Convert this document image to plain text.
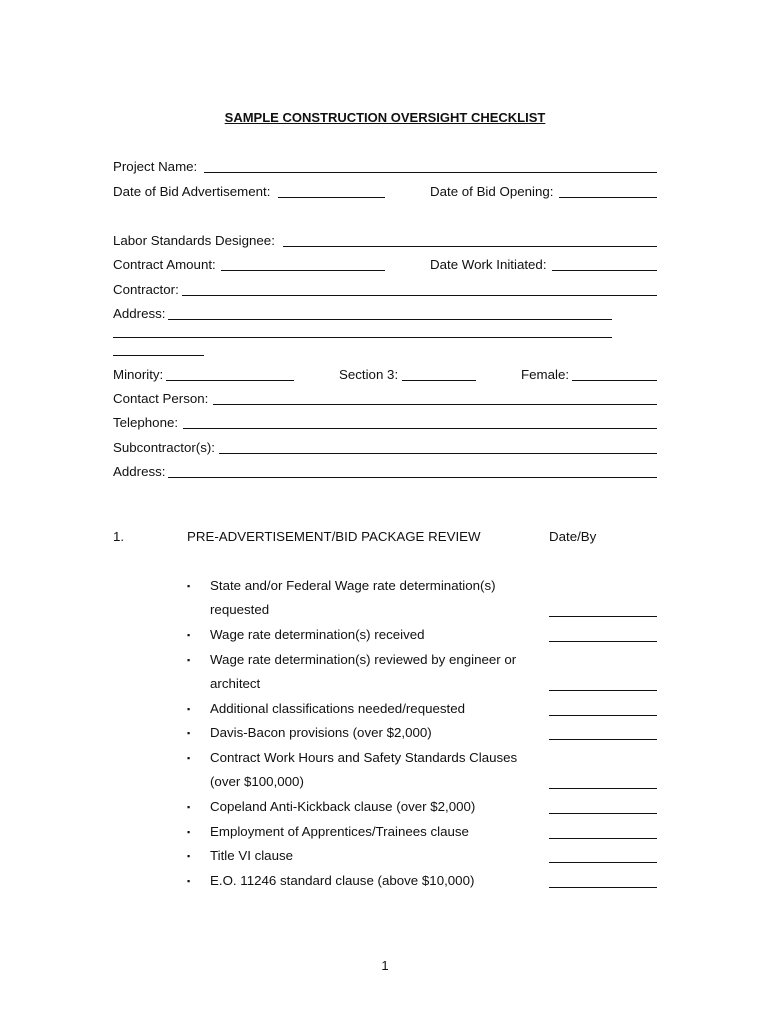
SAMPLE CONSTRUCTION OVERSIGHT CHECKLIST
Project Name:
Date of Bid Advertisement:	Date of Bid Opening:
Labor Standards Designee:
Contract Amount:	Date Work Initiated:
Contractor:
Address:
Minority:	Section 3:	Female:
Contact Person:
Telephone:
Subcontractor(s):
Address:
1.	PRE-ADVERTISEMENT/BID PACKAGE REVIEW	Date/By
▪ State and/or Federal Wage rate determination(s)
requested
▪ Wage rate determination(s) received
▪ Wage rate determination(s) reviewed by engineer or
architect
▪ Additional classifications needed/requested
▪ Davis-Bacon provisions (over $2,000)
▪ Contract Work Hours and Safety Standards Clauses
(over $100,000)
▪ Copeland Anti-Kickback clause (over $2,000)
▪ Employment of Apprentices/Trainees clause
▪ Title VI clause
▪ E.O. 11246 standard clause (above $10,000)
1
